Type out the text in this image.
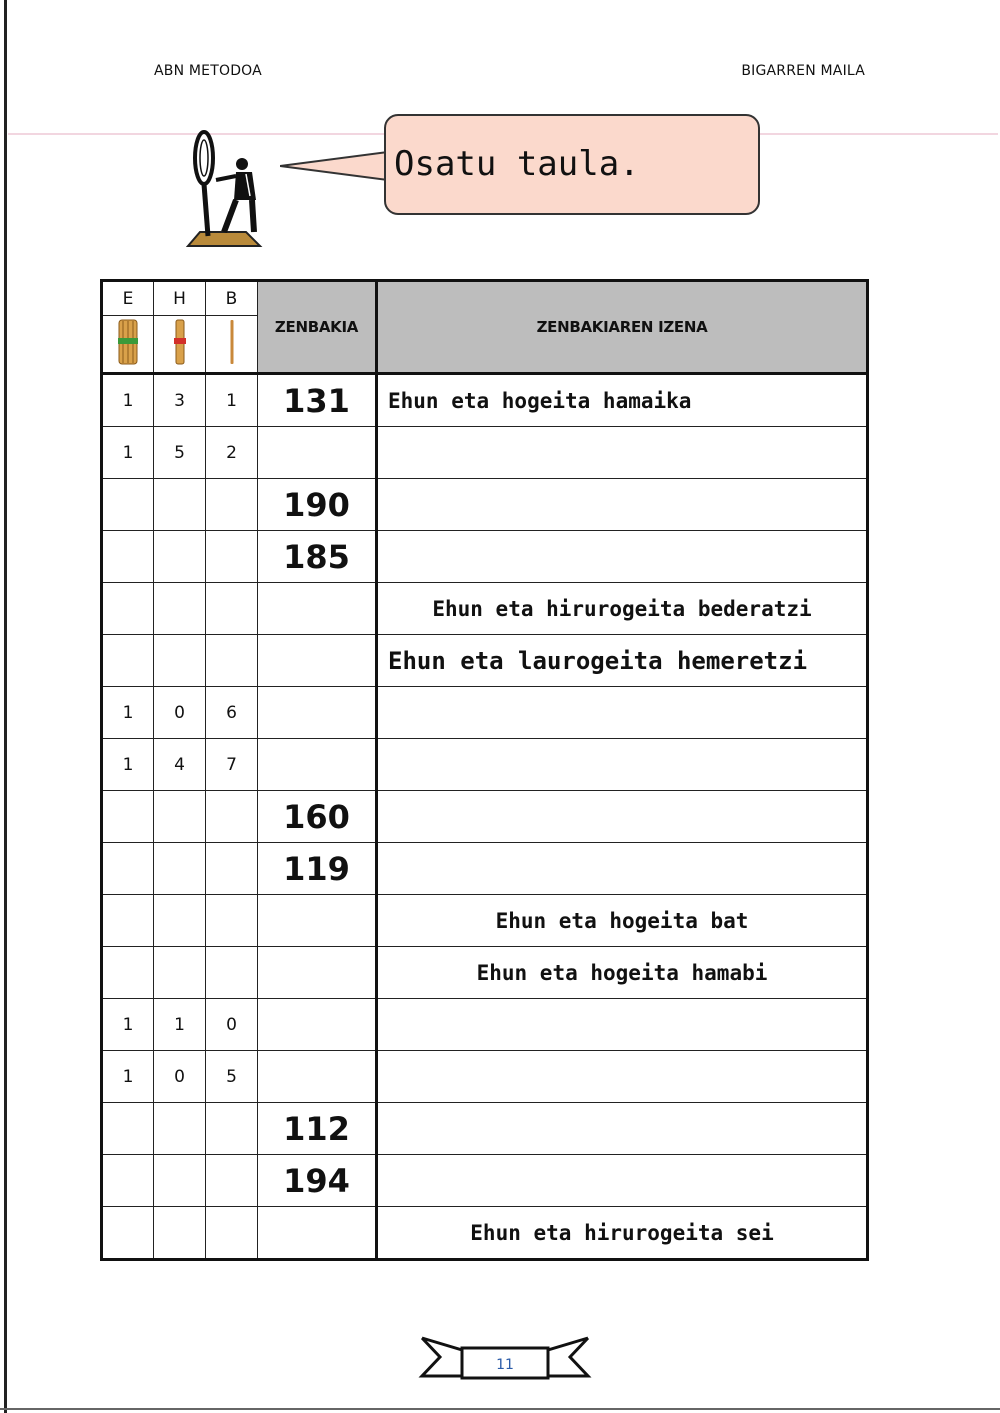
ABN METODOA	BIGARREN MAILA
Osatu taula.
E	H	B	ZENBAKIA	ZENBAKIAREN IZENA

1	3	1	131	Ehun eta hogeita hamaika
1	5	2		
			190	
			185	
				Ehun eta hirurogeita bederatzi
				Ehun eta laurogeita hemeretzi
1	0	6		
1	4	7		
			160	
			119	
				Ehun eta hogeita bat
				Ehun eta hogeita hamabi
1	1	0		
1	0	5		
			112	
			194	
				Ehun eta hirurogeita sei
11
